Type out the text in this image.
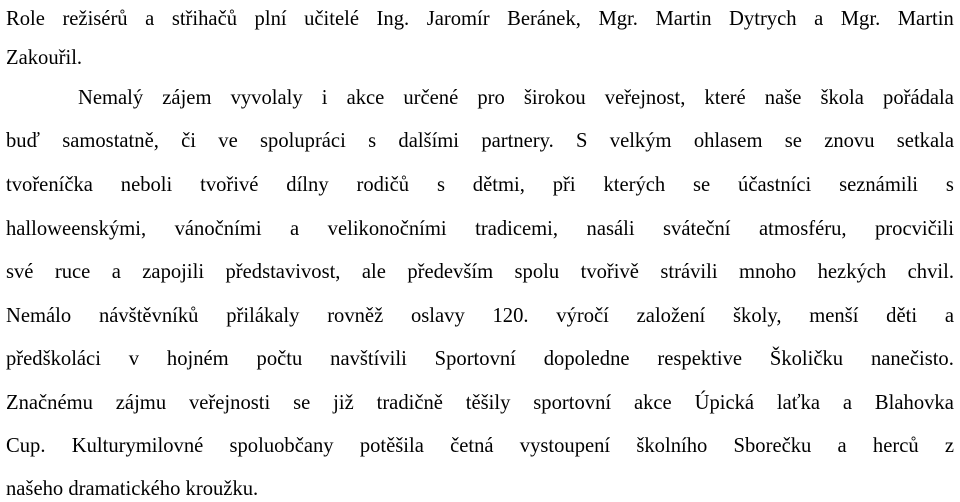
Role režisérů a střihačů plní učitelé Ing. Jaromír Beránek, Mgr. Martin Dytrych a Mgr. Martin
Zakouřil.
Nemalý zájem vyvolaly i akce určené pro širokou veřejnost, které naše škola pořádala
buď samostatně, či ve spolupráci s dalšími partnery. S velkým ohlasem se znovu setkala
tvořeníčka neboli tvořivé dílny rodičů s dětmi, při kterých se účastníci seznámili s
halloweenskými, vánočními a velikonočními tradicemi, nasáli sváteční atmosféru, procvičili
své ruce a zapojili představivost, ale především spolu tvořivě strávili mnoho hezkých chvil.
Nemálo návštěvníků přilákaly rovněž oslavy 120. výročí založení školy, menší děti a
předškoláci v hojném počtu navštívili Sportovní dopoledne respektive Školičku nanečisto.
Značnému zájmu veřejnosti se již tradičně těšily sportovní akce Úpická laťka a Blahovka
Cup. Kulturymilovné spoluobčany potěšila četná vystoupení školního Sborečku a herců z
našeho dramatického kroužku.
